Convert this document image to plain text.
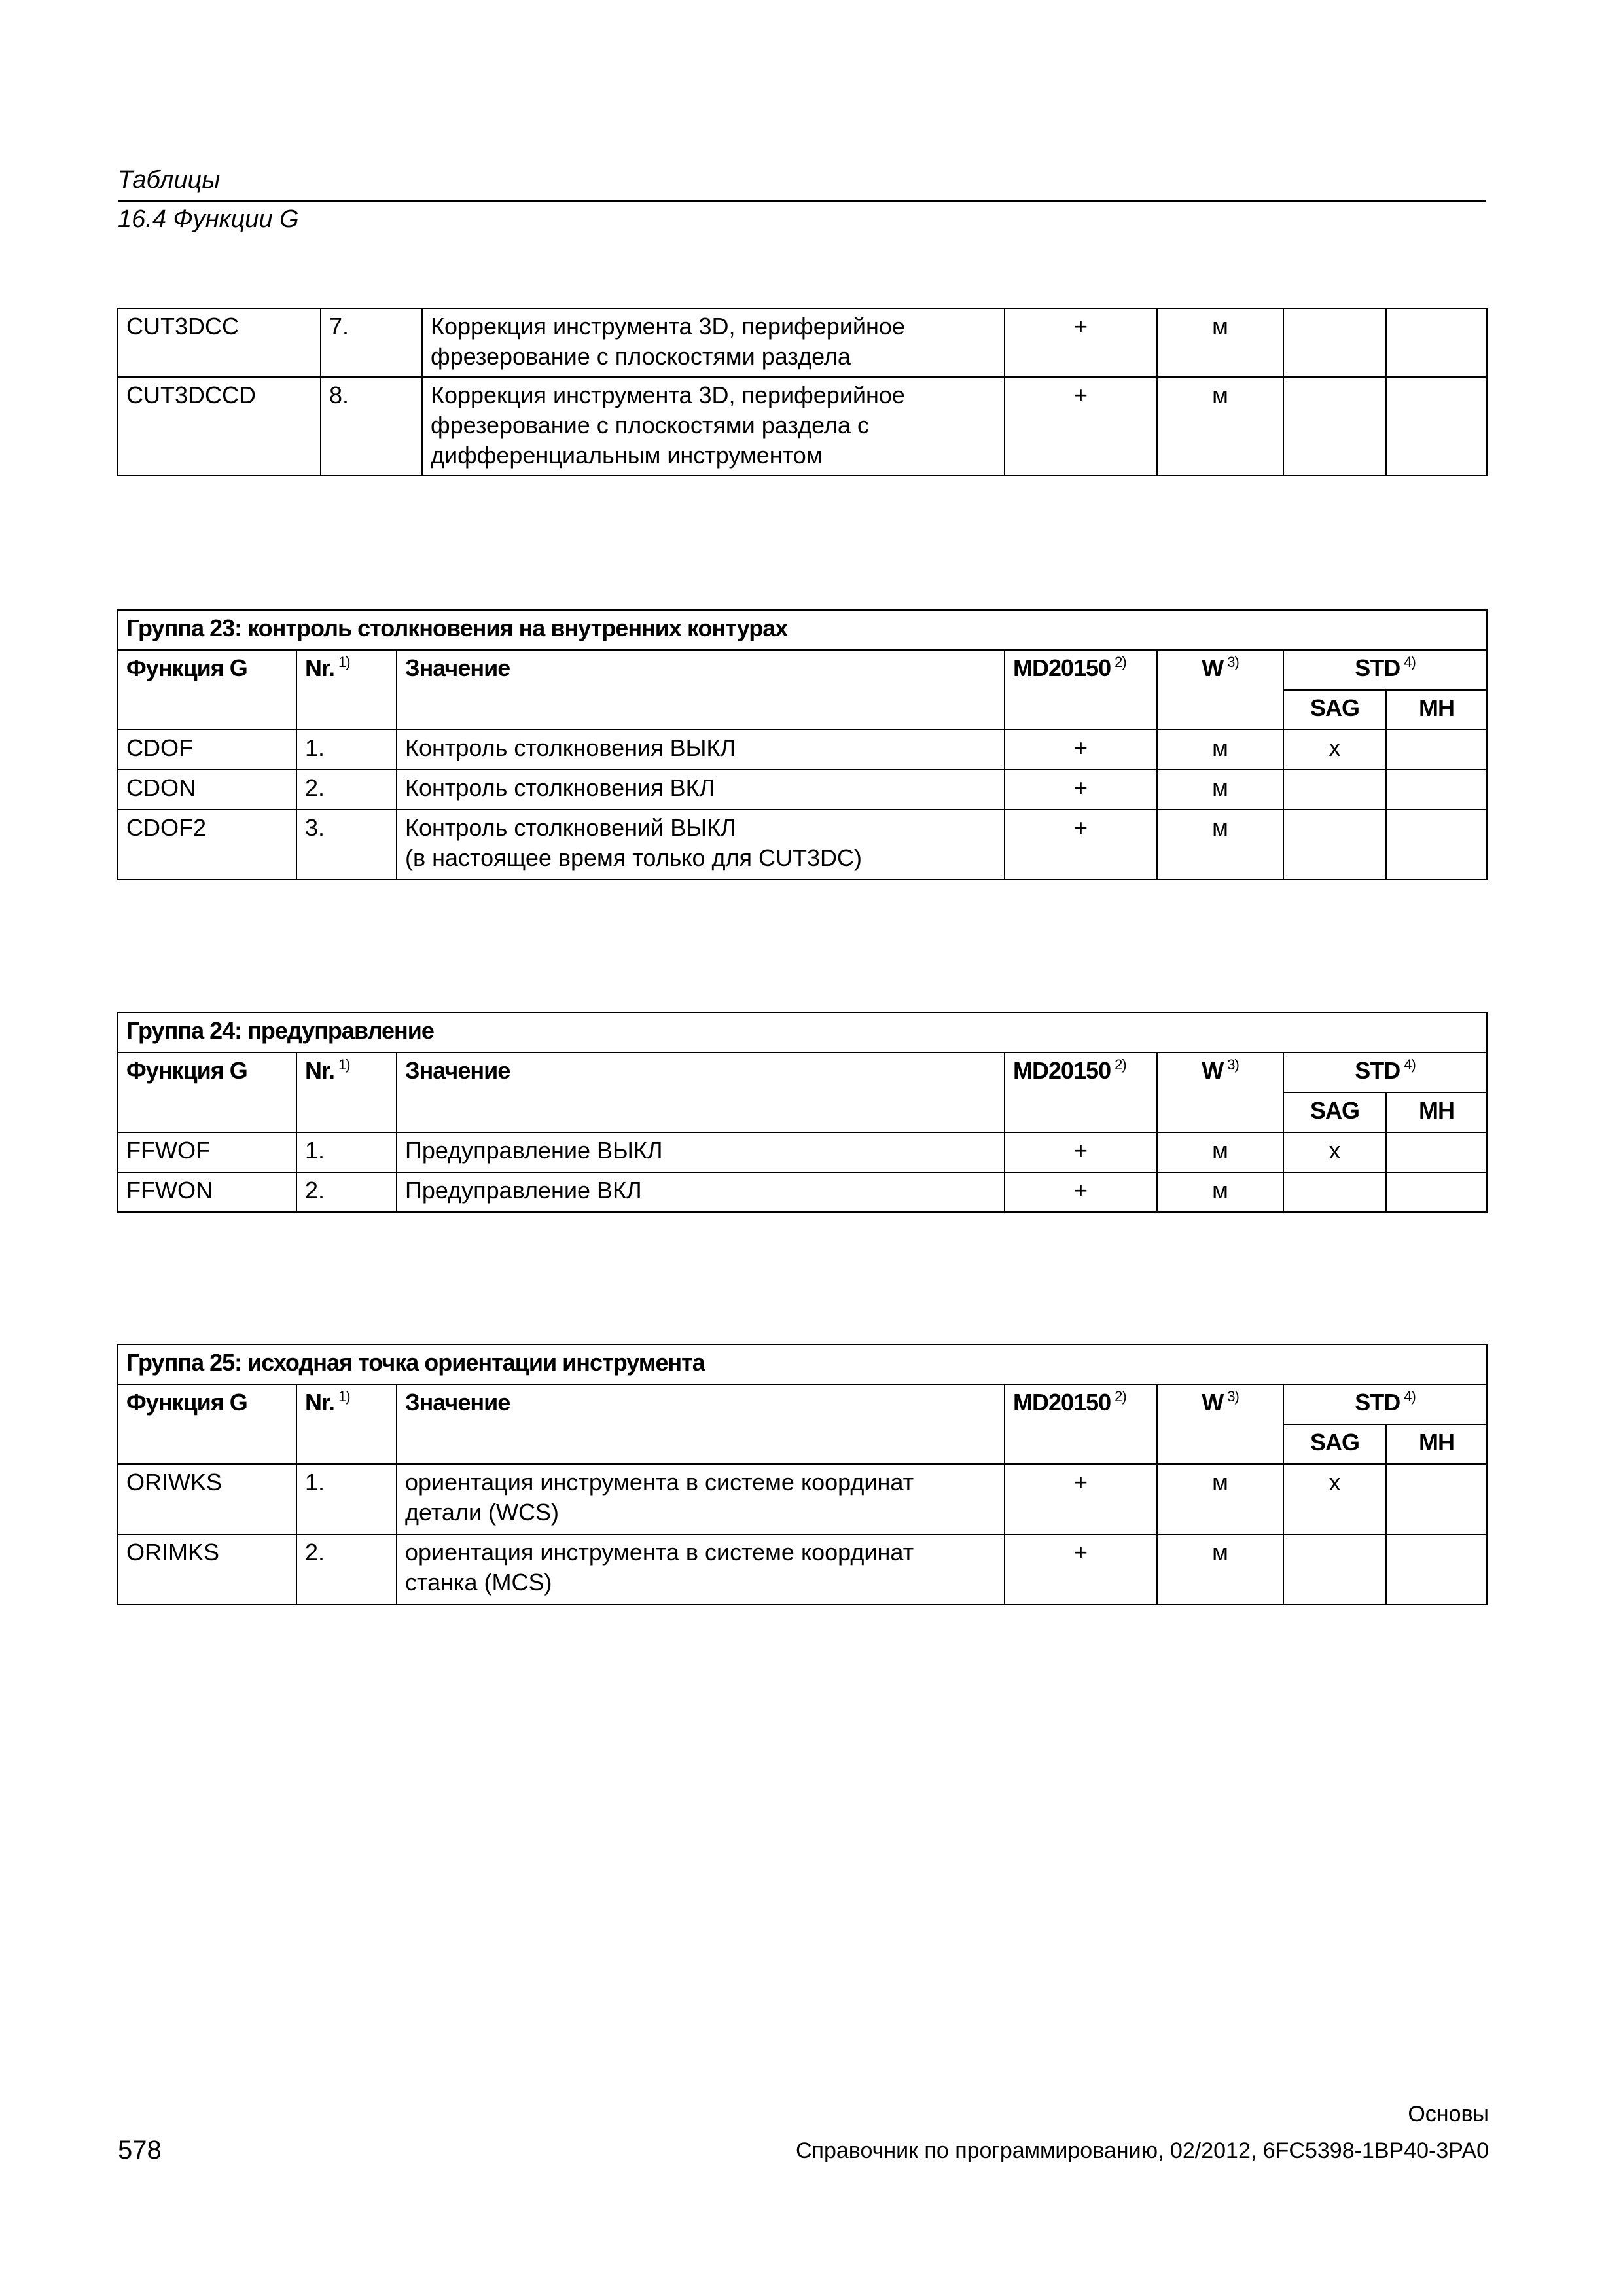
Таблицы
16.4 Функции G
CUT3DCC	7.	Коррекция инструмента 3D, периферийное
фрезерование с плоскостями раздела	+	м		
CUT3DCCD	8.	Коррекция инструмента 3D, периферийное
фрезерование с плоскостями раздела с
дифференциальным инструментом	+	м		
Группа 23: контроль столкновения на внутренних контурах						
Функция G	Nr. $^{1)}$	Значение	MD20150 $^{2)}$	W $^{3)}$	STD $^{4)}$
					SAG	MH
CDOF	1.	Контроль столкновения ВЫКЛ	+	м	x	
CDON	2.	Контроль столкновения ВКЛ	+	м		
CDOF2	3.	Контроль столкновений ВЫКЛ
(в настоящее время только для CUT3DC)	+	м		
Группа 24: предуправление						
Функция G	Nr. $^{1)}$	Значение	MD20150 $^{2)}$	W $^{3)}$	STD $^{4)}$
					SAG	MH
FFWOF	1.	Предуправление ВЫКЛ	+	м	x	
FFWON	2.	Предуправление ВКЛ	+	м		
Группа 25: исходная точка ориентации инструмента						
Функция G	Nr. $^{1)}$	Значение	MD20150 $^{2)}$	W $^{3)}$	STD $^{4)}$
					SAG	MH
ORIWKS	1.	ориентация инструмента в системе координат
детали (WCS)	+	м	x	
ORIMKS	2.	ориентация инструмента в системе координат
станка (MCS)	+	м		
Основы
578	Справочник по программированию, 02/2012, 6FC5398-1BP40-3PA0
